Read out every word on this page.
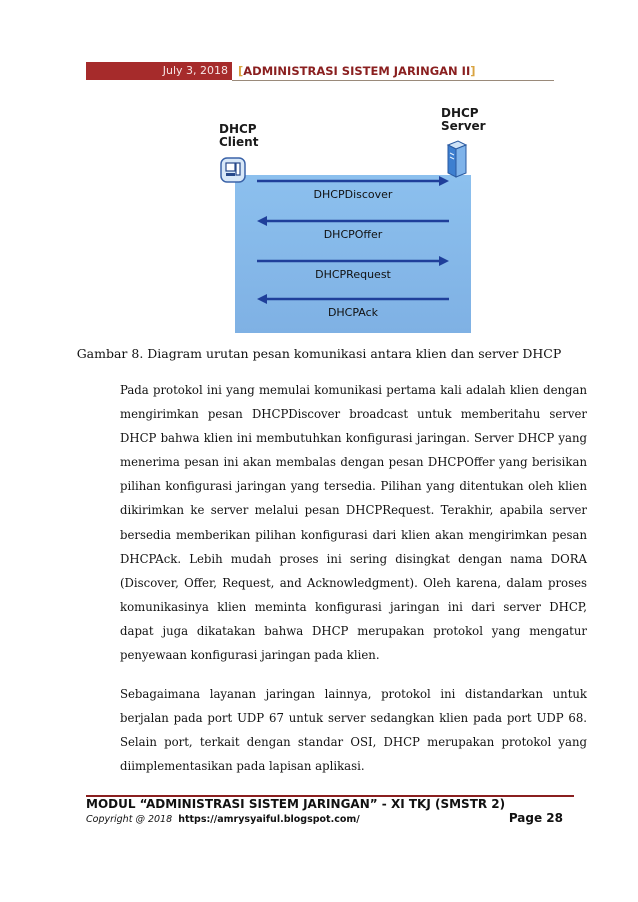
July 3, 2018 [ADMINISTRASI SISTEM JARINGAN II]
DHCP
Client
DHCP
Server
DHCPDiscover
DHCPOffer
DHCPRequest
DHCPAck
Gambar 8. Diagram urutan pesan komunikasi antara klien dan server DHCP

Pada protokol ini yang memulai komunikasi pertama kali adalah klien dengan mengirimkan pesan DHCPDiscover broadcast untuk memberitahu server DHCP bahwa klien ini membutuhkan konfigurasi jaringan. Server DHCP yang menerima pesan ini akan membalas dengan pesan DHCPOffer yang berisikan pilihan konfigurasi jaringan yang tersedia. Pilihan yang ditentukan oleh klien dikirimkan ke server melalui pesan DHCPRequest. Terakhir, apabila server bersedia memberikan pilihan konfigurasi dari klien akan mengirimkan pesan DHCPAck. Lebih mudah proses ini sering disingkat dengan nama DORA (Discover, Offer, Request, and Acknowledgment). Oleh karena, dalam proses komunikasinya klien meminta konfigurasi jaringan ini dari server DHCP, dapat juga dikatakan bahwa DHCP merupakan protokol yang mengatur penyewaan konfigurasi jaringan pada klien.

Sebagaimana layanan jaringan lainnya, protokol ini distandarkan untuk berjalan pada port UDP 67 untuk server sedangkan klien pada port UDP 68. Selain port, terkait dengan standar OSI, DHCP merupakan protokol yang diimplementasikan pada lapisan aplikasi.

MODUL “ADMINISTRASI SISTEM JARINGAN” - XI TKJ (SMSTR 2)
Copyright @ 2018 https://amrysyaiful.blogspot.com/	Page 28
